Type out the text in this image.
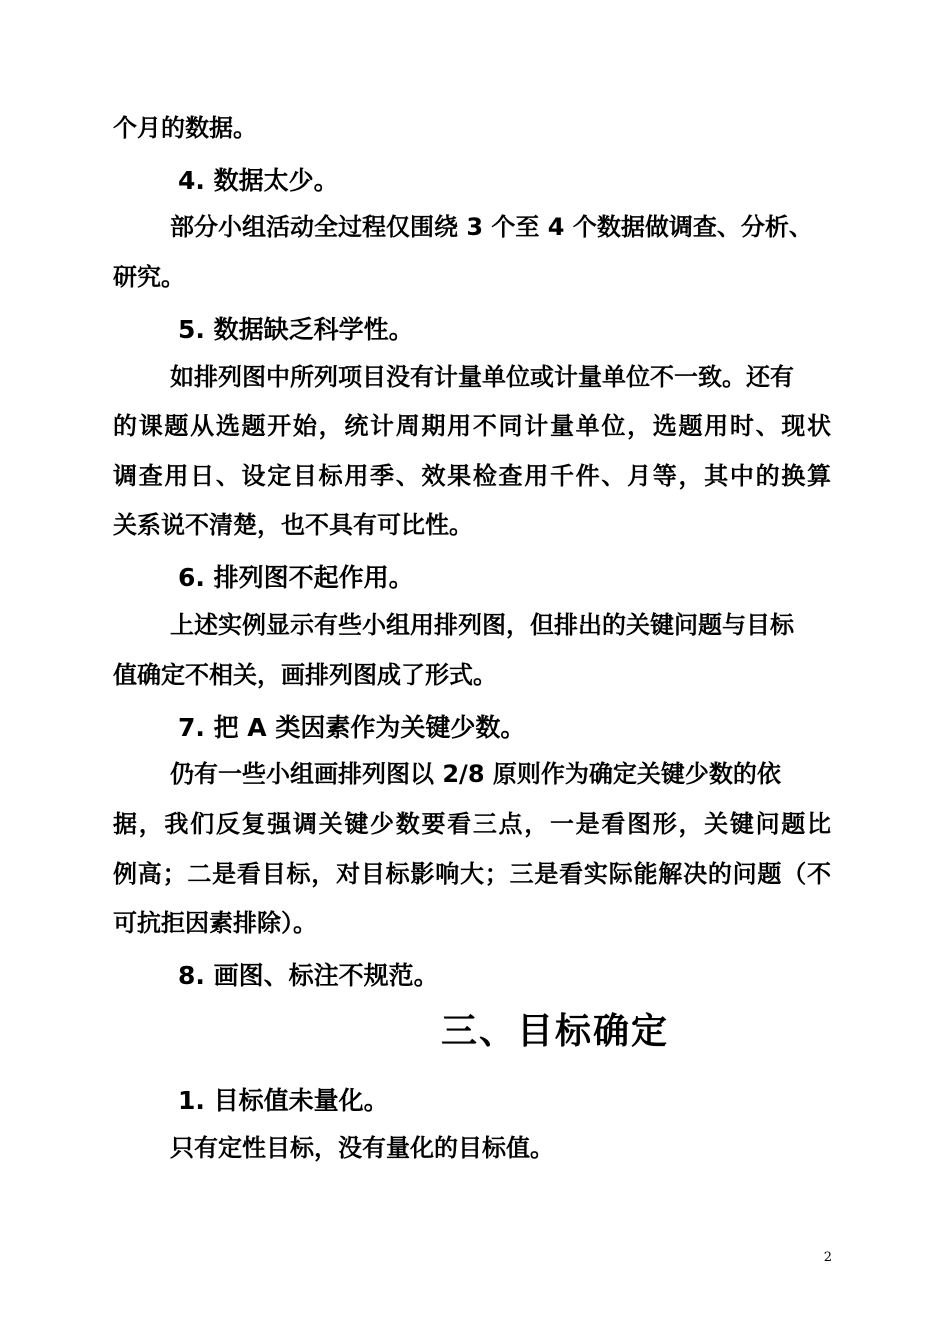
个月的数据。
4. 数据太少。
部分小组活动全过程仅围绕 3 个至 4 个数据做调查、分析、
研究。
5. 数据缺乏科学性。
如排列图中所列项目没有计量单位或计量单位不一致。还有
的课题从选题开始，统计周期用不同计量单位，选题用时、现状
调查用日、设定目标用季、效果检查用千件、月等，其中的换算
关系说不清楚，也不具有可比性。
6. 排列图不起作用。
上述实例显示有些小组用排列图，但排出的关键问题与目标
值确定不相关，画排列图成了形式。
7. 把 A 类因素作为关键少数。
仍有一些小组画排列图以 2/8 原则作为确定关键少数的依
据，我们反复强调关键少数要看三点，一是看图形，关键问题比
例高；二是看目标，对目标影响大；三是看实际能解决的问题（不
可抗拒因素排除）。
8. 画图、标注不规范。
三、目标确定
1. 目标值未量化。
只有定性目标，没有量化的目标值。
2
